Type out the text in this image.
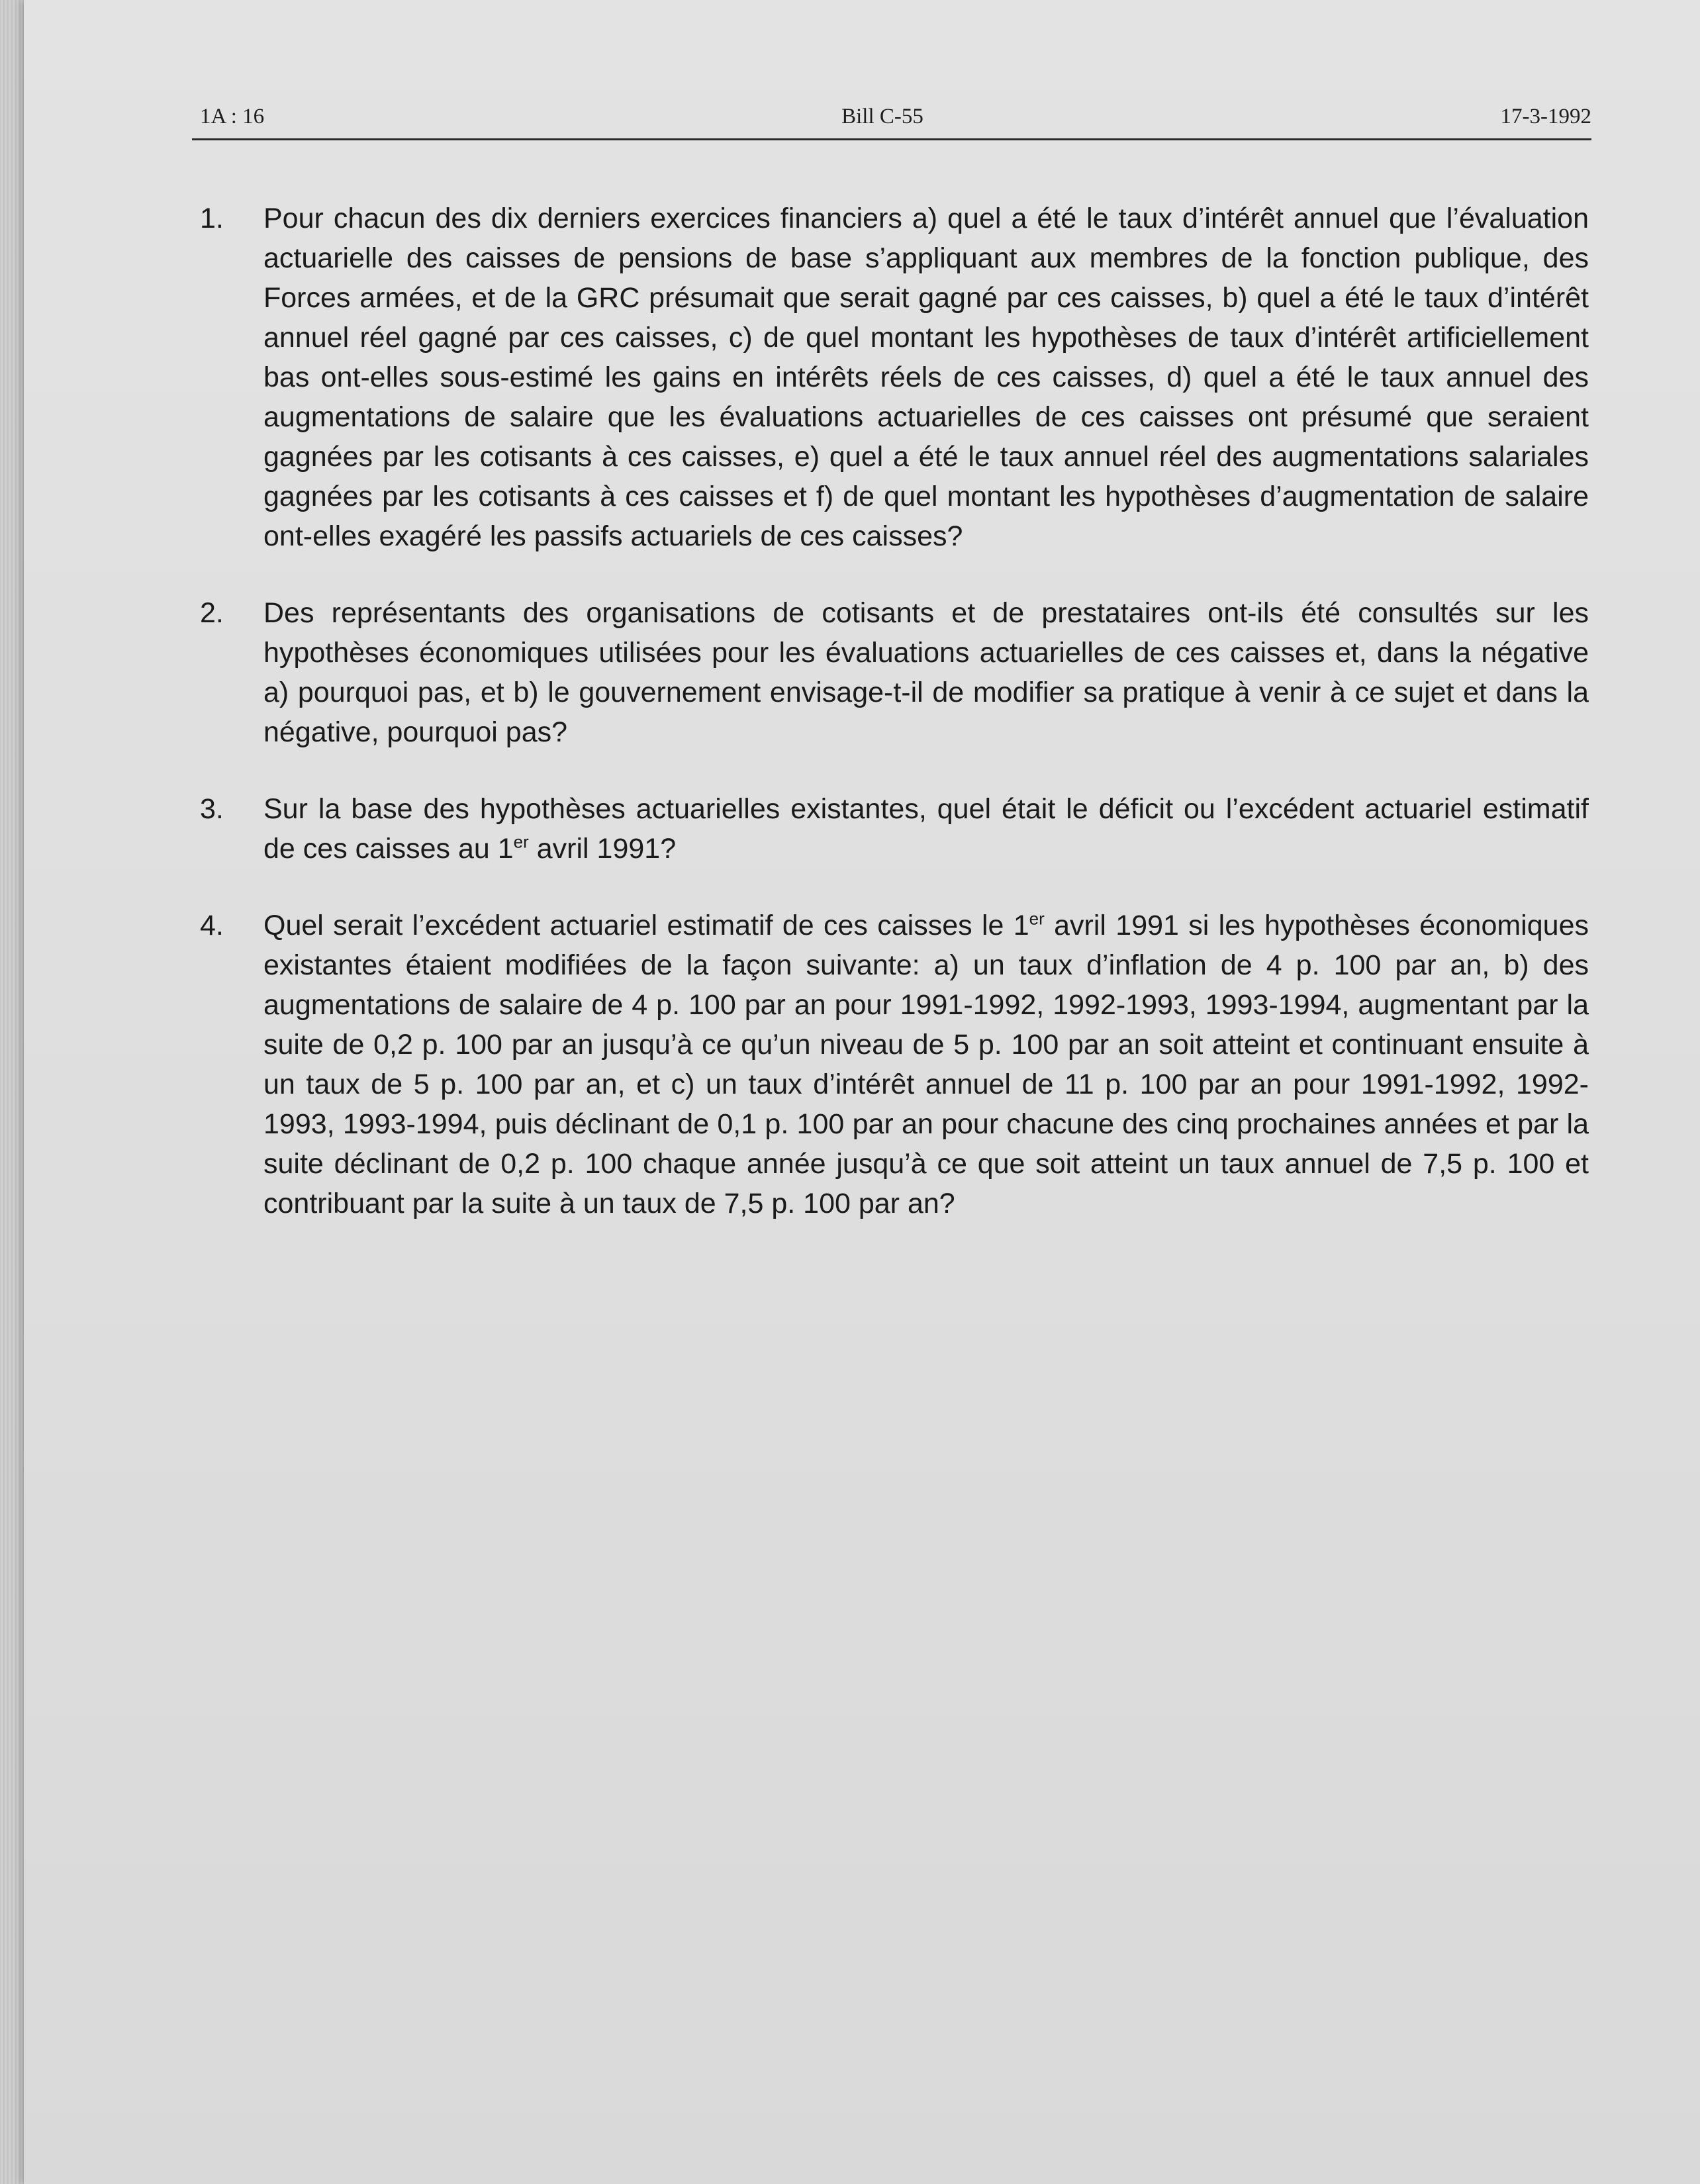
1A : 16	Bill C-55	17-3-1992
1. Pour chacun des dix derniers exercices financiers a) quel a été le taux d’intérêt annuel que l’évaluation actuarielle des caisses de pensions de base s’appliquant aux membres de la fonction publique, des Forces armées, et de la GRC présumait que serait gagné par ces caisses, b) quel a été le taux d’intérêt annuel réel gagné par ces caisses, c) de quel montant les hypothèses de taux d’intérêt artificiellement bas ont-elles sous-estimé les gains en intérêts réels de ces caisses, d) quel a été le taux annuel des augmentations de salaire que les évaluations actuarielles de ces caisses ont présumé que seraient gagnées par les cotisants à ces caisses, e) quel a été le taux annuel réel des augmentations salariales gagnées par les cotisants à ces caisses et f) de quel montant les hypothèses d’augmentation de salaire ont-elles exagéré les passifs actuariels de ces caisses?
2. Des représentants des organisations de cotisants et de prestataires ont-ils été consultés sur les hypothèses économiques utilisées pour les évaluations actuarielles de ces caisses et, dans la négative a) pourquoi pas, et b) le gouvernement envisage-t-il de modifier sa pratique à venir à ce sujet et dans la négative, pourquoi pas?
3. Sur la base des hypothèses actuarielles existantes, quel était le déficit ou l’excédent actuariel estimatif de ces caisses au 1er avril 1991?
4. Quel serait l’excédent actuariel estimatif de ces caisses le 1er avril 1991 si les hypothèses économiques existantes étaient modifiées de la façon suivante: a) un taux d’inflation de 4 p. 100 par an, b) des augmentations de salaire de 4 p. 100 par an pour 1991-1992, 1992-1993, 1993-1994, augmentant par la suite de 0,2 p. 100 par an jusqu’à ce qu’un niveau de 5 p. 100 par an soit atteint et continuant ensuite à un taux de 5 p. 100 par an, et c) un taux d’intérêt annuel de 11 p. 100 par an pour 1991-1992, 1992-1993, 1993-1994, puis déclinant de 0,1 p. 100 par an pour chacune des cinq prochaines années et par la suite déclinant de 0,2 p. 100 chaque année jusqu’à ce que soit atteint un taux annuel de 7,5 p. 100 et contribuant par la suite à un taux de 7,5 p. 100 par an?
